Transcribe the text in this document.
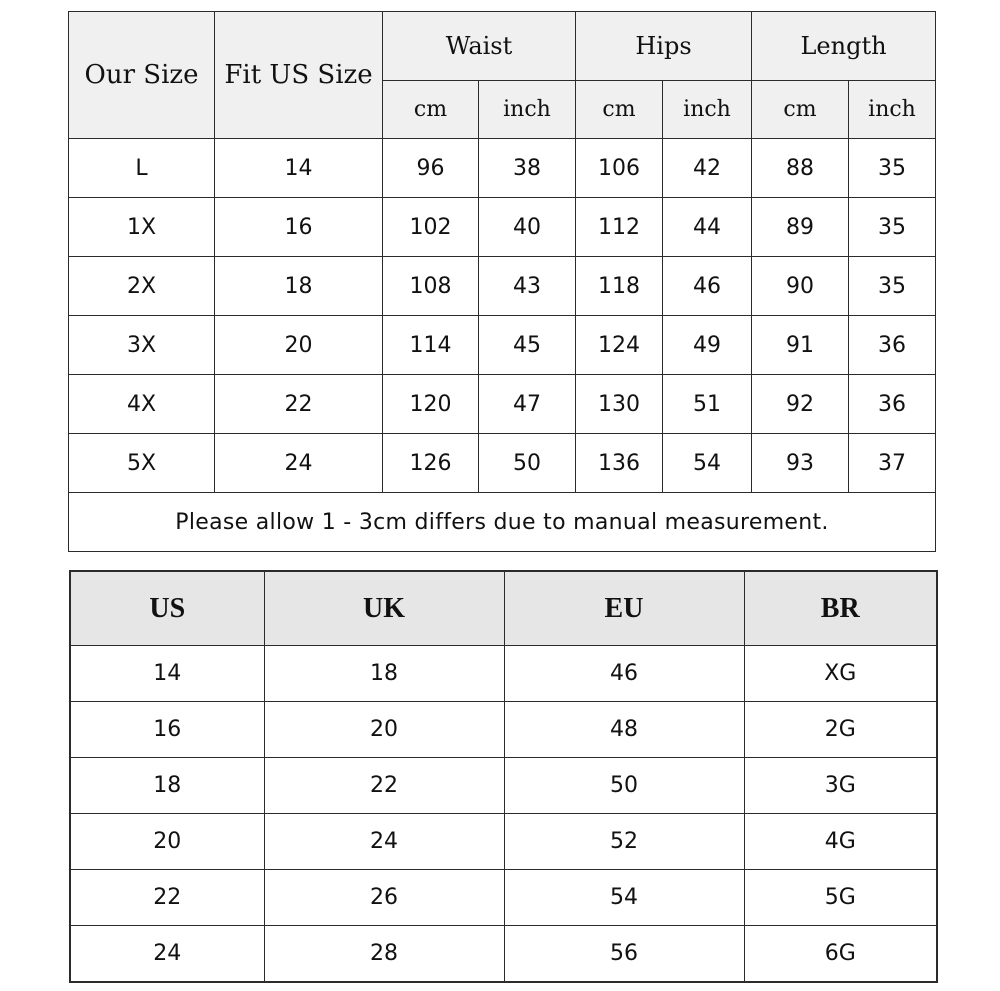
Our Size	Fit US Size	Waist		Hips		Length	
		cm	inch	cm	inch	cm	inch
L	14	96	38	106	42	88	35
1X	16	102	40	112	44	89	35
2X	18	108	43	118	46	90	35
3X	20	114	45	124	49	91	36
4X	22	120	47	130	51	92	36
5X	24	126	50	136	54	93	37
Please allow 1 - 3cm differs due to manual measurement.							
US	UK	EU	BR
14	18	46	XG
16	20	48	2G
18	22	50	3G
20	24	52	4G
22	26	54	5G
24	28	56	6G
